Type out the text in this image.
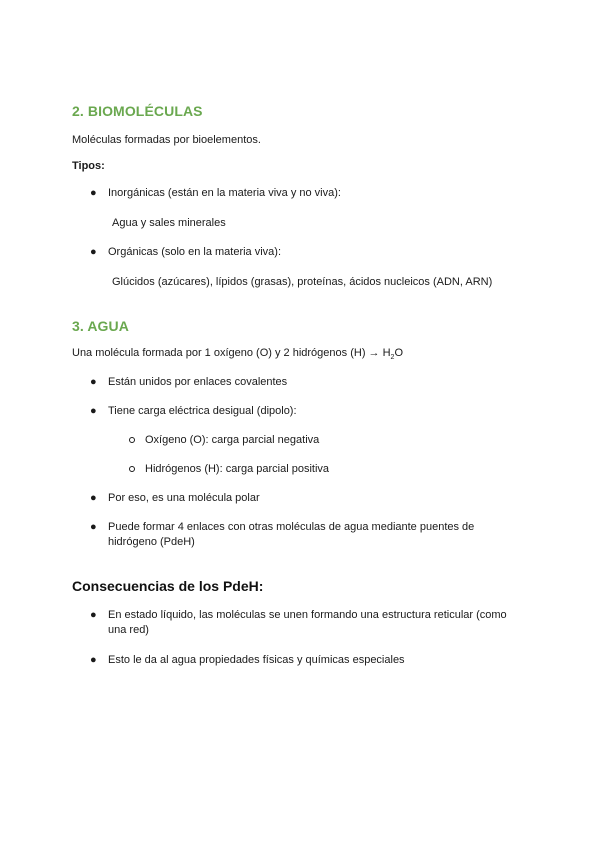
2. BIOMOLÉCULAS
Moléculas formadas por bioelementos.
Tipos:
● Inorgánicas (están en la materia viva y no viva):
Agua y sales minerales
● Orgánicas (solo en la materia viva):
Glúcidos (azúcares), lípidos (grasas), proteínas, ácidos nucleicos (ADN, ARN)
3. AGUA
Una molécula formada por 1 oxígeno (O) y 2 hidrógenos $(H) \to H_2O$
● Están unidos por enlaces covalentes
● Tiene carga eléctrica desigual (dipolo):
Oxígeno (O): carga parcial negativa
Hidrógenos (H): carga parcial positiva
● Por eso, es una molécula polar
● Puede formar 4 enlaces con otras moléculas de agua mediante puentes de hidrógeno (PdeH)
Consecuencias de los PdeH:
● En estado líquido, las moléculas se unen formando una estructura reticular (como una red)
● Esto le da al agua propiedades físicas y químicas especiales
